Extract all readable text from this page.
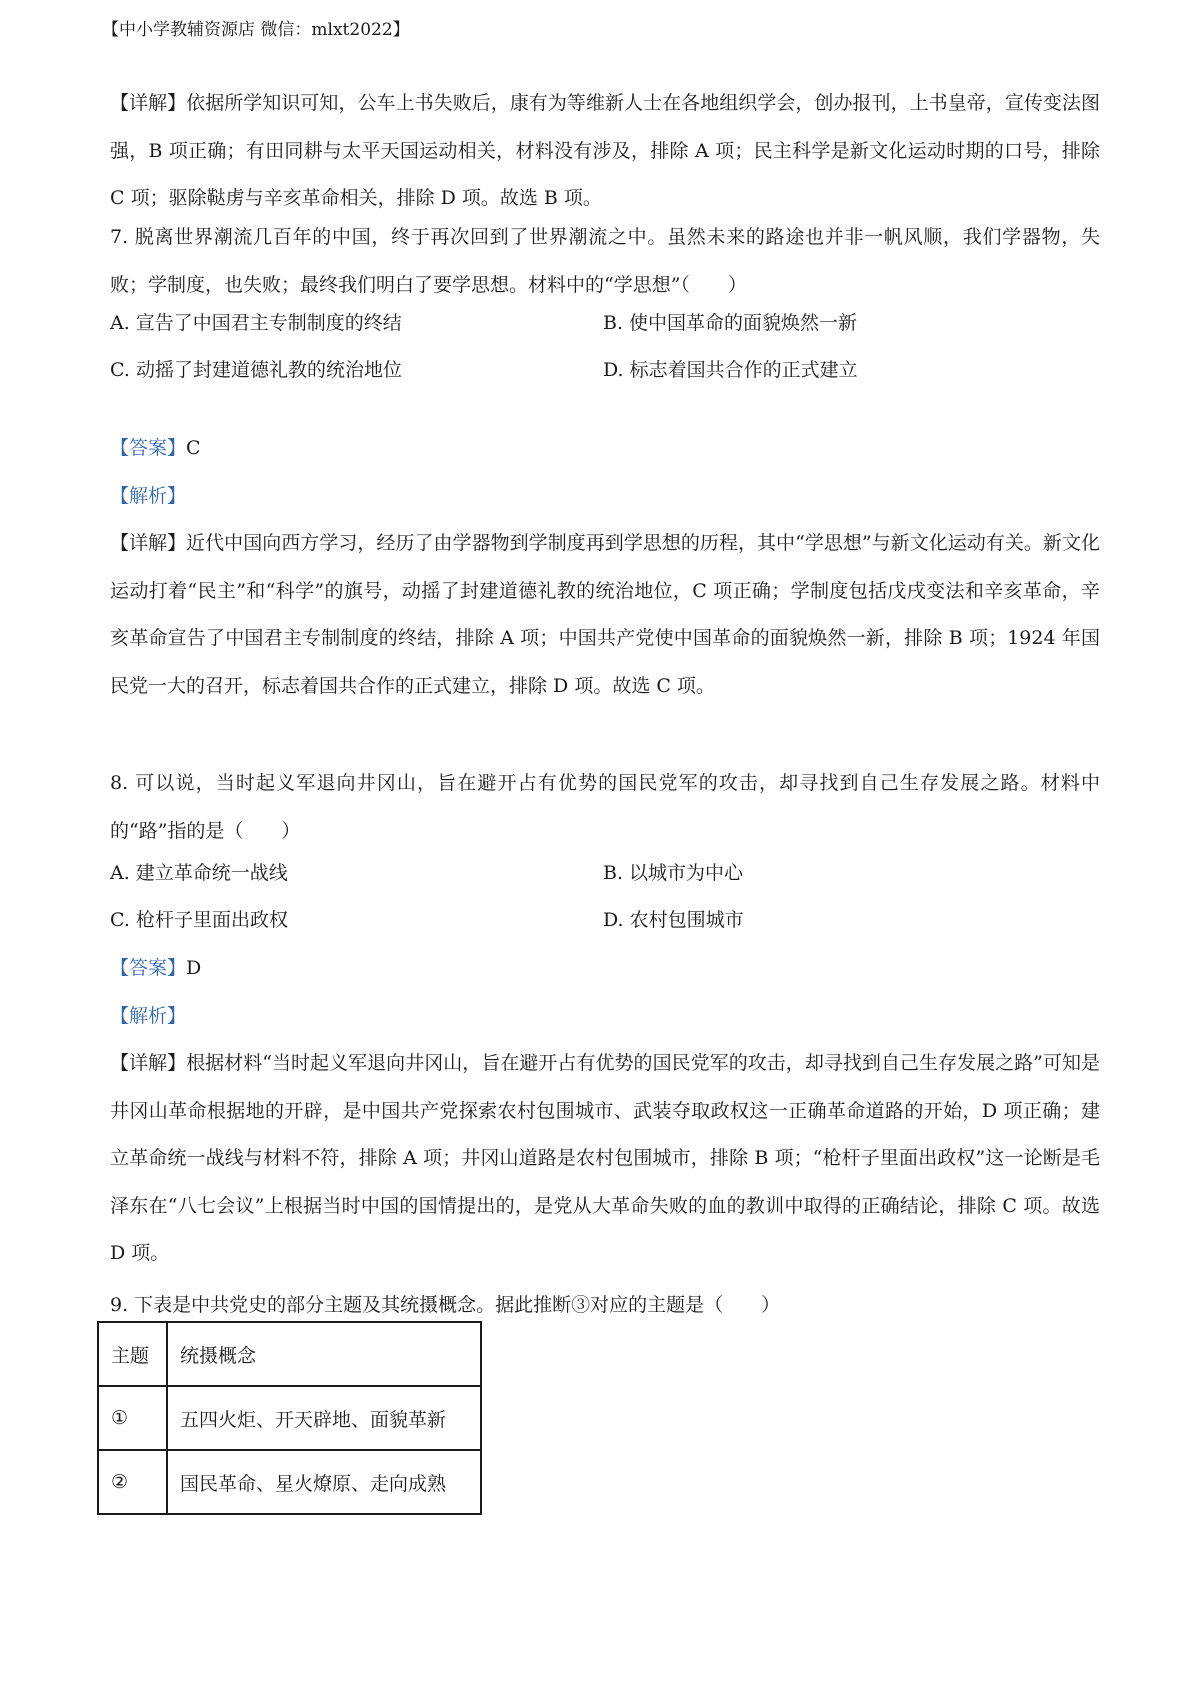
【中小学教辅资源店 微信：mlxt2022】
【详解】依据所学知识可知，公车上书失败后，康有为等维新人士在各地组织学会，创办报刊，上书皇帝，宣传变法图强，B 项正确；有田同耕与太平天国运动相关，材料没有涉及，排除 A 项；民主科学是新文化运动时期的口号，排除 C 项；驱除鞑虏与辛亥革命相关，排除 D 项。故选 B 项。
7. 脱离世界潮流几百年的中国，终于再次回到了世界潮流之中。虽然未来的路途也并非一帆风顺，我们学器物，失败；学制度，也失败；最终我们明白了要学思想。材料中的“学思想”（　　）
A. 宣告了中国君主专制制度的终结	B. 使中国革命的面貌焕然一新
C. 动摇了封建道德礼教的统治地位	D. 标志着国共合作的正式建立
【答案】C
【解析】
【详解】近代中国向西方学习，经历了由学器物到学制度再到学思想的历程，其中“学思想”与新文化运动有关。新文化运动打着“民主”和“科学”的旗号，动摇了封建道德礼教的统治地位，C 项正确；学制度包括戊戌变法和辛亥革命，辛亥革命宣告了中国君主专制制度的终结，排除 A 项；中国共产党使中国革命的面貌焕然一新，排除 B 项；1924 年国民党一大的召开，标志着国共合作的正式建立，排除 D 项。故选 C 项。
8. 可以说，当时起义军退向井冈山，旨在避开占有优势的国民党军的攻击，却寻找到自己生存发展之路。材料中的“路”指的是（　　）
A. 建立革命统一战线	B. 以城市为中心
C. 枪杆子里面出政权	D. 农村包围城市
【答案】D
【解析】
【详解】根据材料“当时起义军退向井冈山，旨在避开占有优势的国民党军的攻击，却寻找到自己生存发展之路”可知是井冈山革命根据地的开辟，是中国共产党探索农村包围城市、武装夺取政权这一正确革命道路的开始，D 项正确；建立革命统一战线与材料不符，排除 A 项；井冈山道路是农村包围城市，排除 B 项；“枪杆子里面出政权”这一论断是毛泽东在“八七会议”上根据当时中国的国情提出的，是党从大革命失败的血的教训中取得的正确结论，排除 C 项。故选 D 项。
9. 下表是中共党史的部分主题及其统摄概念。据此推断③对应的主题是（　　）
主题	统摄概念
①	五四火炬、开天辟地、面貌革新
②	国民革命、星火燎原、走向成熟
